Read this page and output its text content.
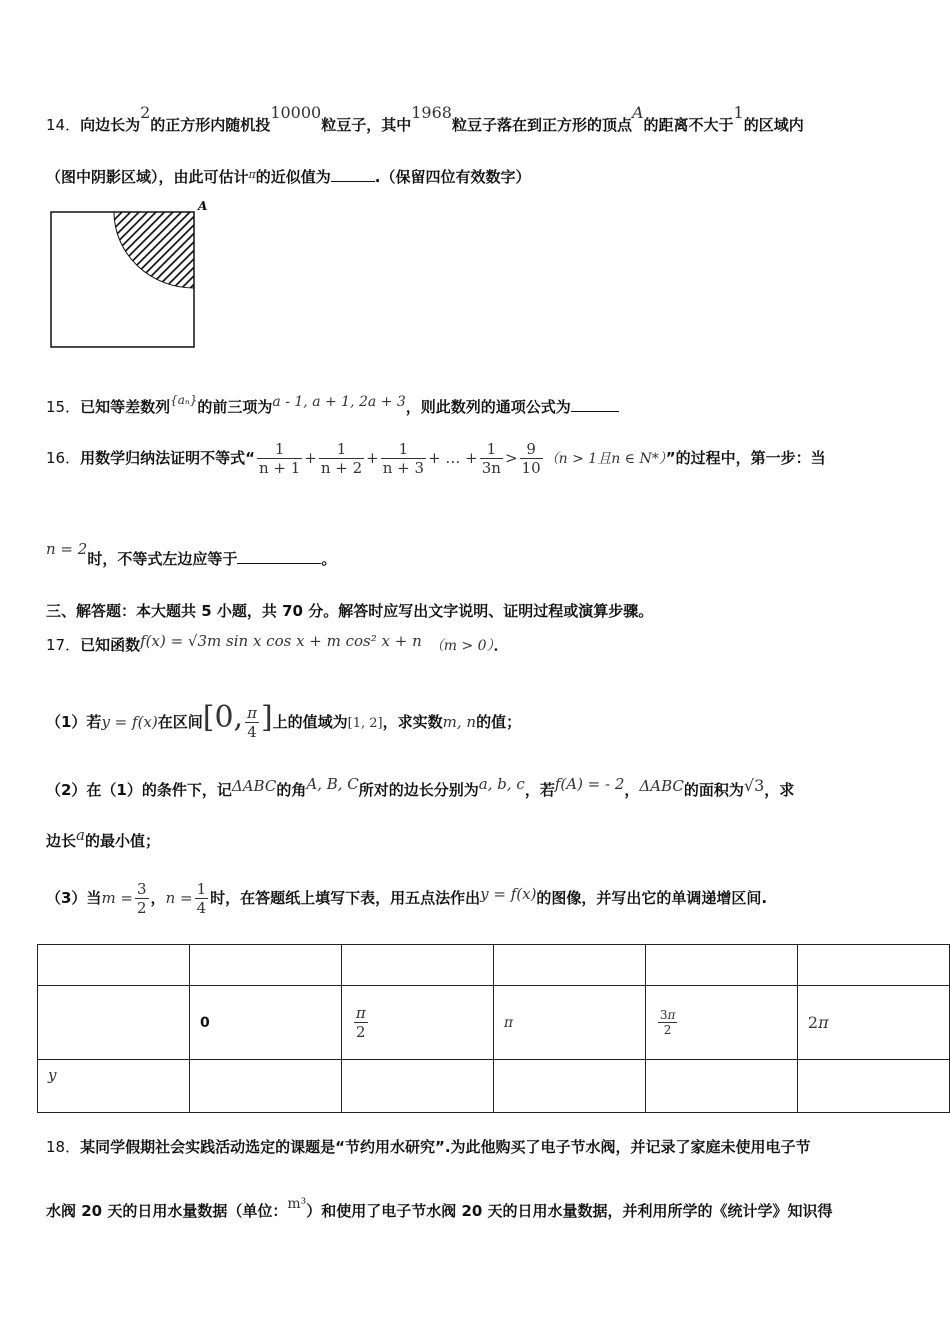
14．向边长为2的正方形内随机投10000粒豆子，其中1968粒豆子落在到正方形的顶点A的距离不大于1的区域内
（图中阴影区域），由此可估计$^\pi$的近似值为	.（保留四位有效数字）
A
15．已知等差数列$^{\{a_n\}}$的前三项为a - 1, a + 1, 2a + 3，则此数列的通项公式为
16．用数学归纳法证明不等式“ $\frac{1}{n + 1} + \frac{1}{n + 2} + \frac{1}{n + 3}$ + … + $\frac{1}{3n} > \frac{9}{10} (n > 1$且n ∈ N*）”的过程中，第一步：当
n = 2时，不等式左边应等于	。
三、解答题：本大题共 5 小题，共 70 分。解答时应写出文字说明、证明过程或演算步骤。
17．已知函数f(x) = √3m sin x cos x + m cos² x + n （m > 0）．
（1）若y = f(x)在区间[0, $\frac{\pi}{4}$ ]上的值域为[1, 2]，求实数m, n的值；
（2）在（1）的条件下，记ΔABC的角A, B, C所对的边长分别为a, b, c，若f(A) = - 2，ΔABC的面积为√3，求
边长a的最小值；
（3）当$m = \frac{3}{2}$ ，$n = \frac{1}{4}$ 时，在答题纸上填写下表，用五点法作出y = f(x)的图像，并写出它的单调递增区间.

	0	$\frac{\pi}{2}$	π	$\frac{3\pi}{2}$	2π
y					
18．某同学假期社会实践活动选定的课题是“节约用水研究”.为此他购买了电子节水阀，并记录了家庭未使用电子节
水阀 20 天的日用水量数据（单位：m³）和使用了电子节水阀 20 天的日用水量数据，并利用所学的《统计学》知识得
